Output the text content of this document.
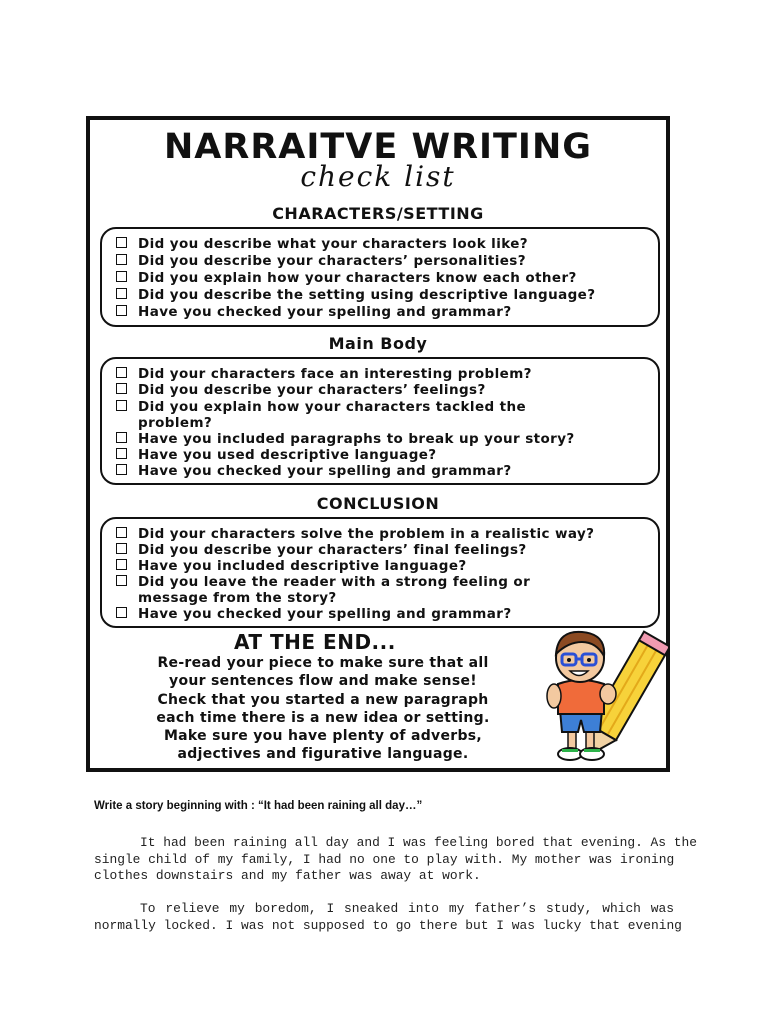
NARRAITVE WRITING
check list
CHARACTERS/SETTING
Did you describe what your characters look like?
Did you describe your characters’ personalities?
Did you explain how your characters know each other?
Did you describe the setting using descriptive language?
Have you checked your spelling and grammar?
Main Body
Did your characters face an interesting problem?
Did you describe your characters’ feelings?
Did you explain how your characters tackled the
problem?
Have you included paragraphs to break up your story?
Have you used descriptive language?
Have you checked your spelling and grammar?
CONCLUSION
Did your characters solve the problem in a realistic way?
Did you describe your characters’ final feelings?
Have you included descriptive language?
Did you leave the reader with a strong feeling or
message from the story?
Have you checked your spelling and grammar?
AT THE END...
Re-read your piece to make sure that all
your sentences flow and make sense!
Check that you started a new paragraph
each time there is a new idea or setting.
Make sure you have plenty of adverbs,
adjectives and figurative language.
Write a story beginning with : “It had been raining all day…”
It had been raining all day and I was feeling bored that evening. As the
single child of my family, I had no one to play with. My mother was ironing
clothes downstairs and my father was away at work.
To relieve my boredom, I sneaked into my father’s study, which was
normally locked. I was not supposed to go there but I was lucky that evening
